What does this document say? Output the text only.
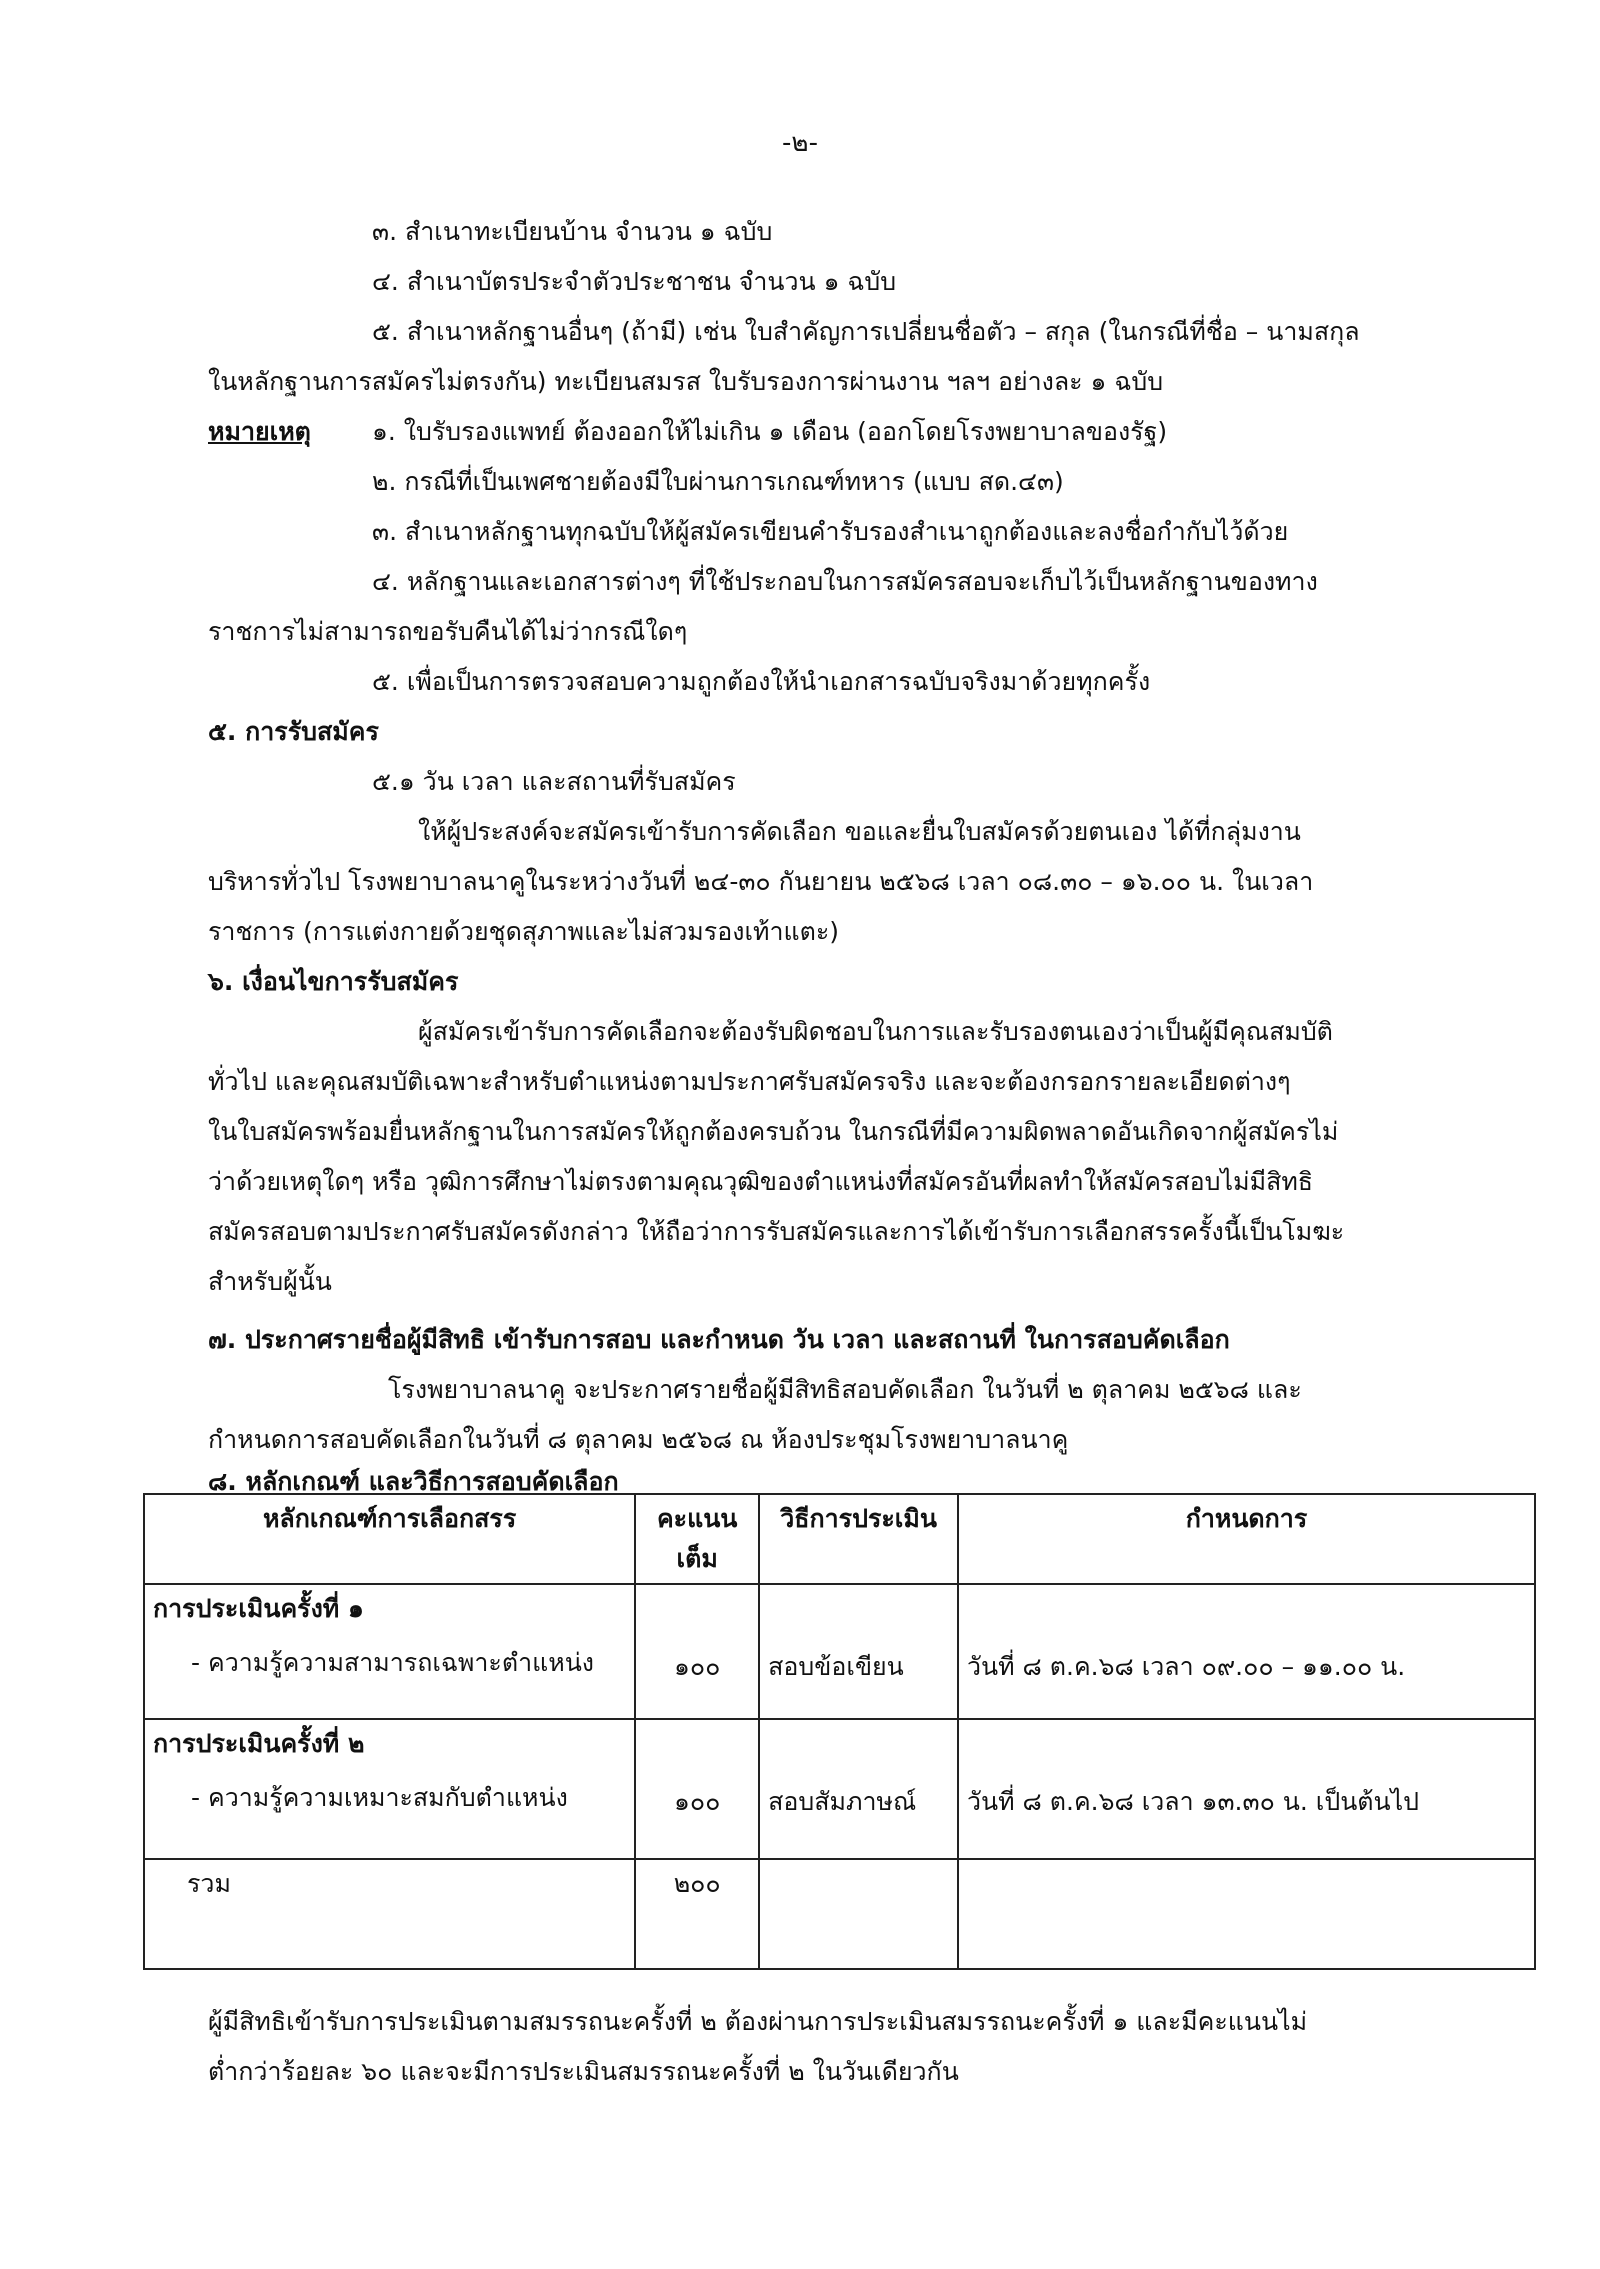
-๒-
๓. สำเนาทะเบียนบ้าน จำนวน ๑ ฉบับ
๔. สำเนาบัตรประจำตัวประชาชน จำนวน ๑ ฉบับ
๕. สำเนาหลักฐานอื่นๆ (ถ้ามี) เช่น ใบสำคัญการเปลี่ยนชื่อตัว – สกุล (ในกรณีที่ชื่อ – นามสกุล
ในหลักฐานการสมัครไม่ตรงกัน) ทะเบียนสมรส ใบรับรองการผ่านงาน ฯลฯ อย่างละ ๑ ฉบับ
หมายเหตุ ๑. ใบรับรองแพทย์ ต้องออกให้ไม่เกิน ๑ เดือน (ออกโดยโรงพยาบาลของรัฐ)
๒. กรณีที่เป็นเพศชายต้องมีใบผ่านการเกณฑ์ทหาร (แบบ สด.๔๓)
๓. สำเนาหลักฐานทุกฉบับให้ผู้สมัครเขียนคำรับรองสำเนาถูกต้องและลงชื่อกำกับไว้ด้วย
๔. หลักฐานและเอกสารต่างๆ ที่ใช้ประกอบในการสมัครสอบจะเก็บไว้เป็นหลักฐานของทาง
ราชการไม่สามารถขอรับคืนได้ไม่ว่ากรณีใดๆ
๕. เพื่อเป็นการตรวจสอบความถูกต้องให้นำเอกสารฉบับจริงมาด้วยทุกครั้ง
๕. การรับสมัคร
๕.๑ วัน เวลา และสถานที่รับสมัคร
ให้ผู้ประสงค์จะสมัครเข้ารับการคัดเลือก ขอและยื่นใบสมัครด้วยตนเอง ได้ที่กลุ่มงาน
บริหารทั่วไป โรงพยาบาลนาคูในระหว่างวันที่ ๒๔-๓๐ กันยายน ๒๕๖๘ เวลา ๐๘.๓๐ – ๑๖.๐๐ น. ในเวลา
ราชการ (การแต่งกายด้วยชุดสุภาพและไม่สวมรองเท้าแตะ)
๖. เงื่อนไขการรับสมัคร
ผู้สมัครเข้ารับการคัดเลือกจะต้องรับผิดชอบในการและรับรองตนเองว่าเป็นผู้มีคุณสมบัติ
ทั่วไป และคุณสมบัติเฉพาะสำหรับตำแหน่งตามประกาศรับสมัครจริง และจะต้องกรอกรายละเอียดต่างๆ
ในใบสมัครพร้อมยื่นหลักฐานในการสมัครให้ถูกต้องครบถ้วน ในกรณีที่มีความผิดพลาดอันเกิดจากผู้สมัครไม่
ว่าด้วยเหตุใดๆ หรือ วุฒิการศึกษาไม่ตรงตามคุณวุฒิของตำแหน่งที่สมัครอันที่ผลทำให้สมัครสอบไม่มีสิทธิ
สมัครสอบตามประกาศรับสมัครดังกล่าว ให้ถือว่าการรับสมัครและการได้เข้ารับการเลือกสรรครั้งนี้เป็นโมฆะ
สำหรับผู้นั้น
๗. ประกาศรายชื่อผู้มีสิทธิ เข้ารับการสอบ และกำหนด วัน เวลา และสถานที่ ในการสอบคัดเลือก
โรงพยาบาลนาคู จะประกาศรายชื่อผู้มีสิทธิสอบคัดเลือก ในวันที่ ๒ ตุลาคม ๒๕๖๘ และ
กำหนดการสอบคัดเลือกในวันที่ ๘ ตุลาคม ๒๕๖๘ ณ ห้องประชุมโรงพยาบาลนาคู
๘. หลักเกณฑ์ และวิธีการสอบคัดเลือก
หลักเกณฑ์การเลือกสรร	คะแนน เต็ม	วิธีการประเมิน	กำหนดการ

การประเมินครั้งที่ ๑
- ความรู้ความสามารถเฉพาะตำแหน่ง	๑๐๐	สอบข้อเขียน	วันที่ ๘ ต.ค.๖๘ เวลา ๐๙.๐๐ – ๑๑.๐๐ น.

การประเมินครั้งที่ ๒
- ความรู้ความเหมาะสมกับตำแหน่ง	๑๐๐	สอบสัมภาษณ์	วันที่ ๘ ต.ค.๖๘ เวลา ๑๓.๓๐ น. เป็นต้นไป
รวม	๒๐๐		
ผู้มีสิทธิเข้ารับการประเมินตามสมรรถนะครั้งที่ ๒ ต้องผ่านการประเมินสมรรถนะครั้งที่ ๑ และมีคะแนนไม่
ต่ำกว่าร้อยละ ๖๐ และจะมีการประเมินสมรรถนะครั้งที่ ๒ ในวันเดียวกัน
